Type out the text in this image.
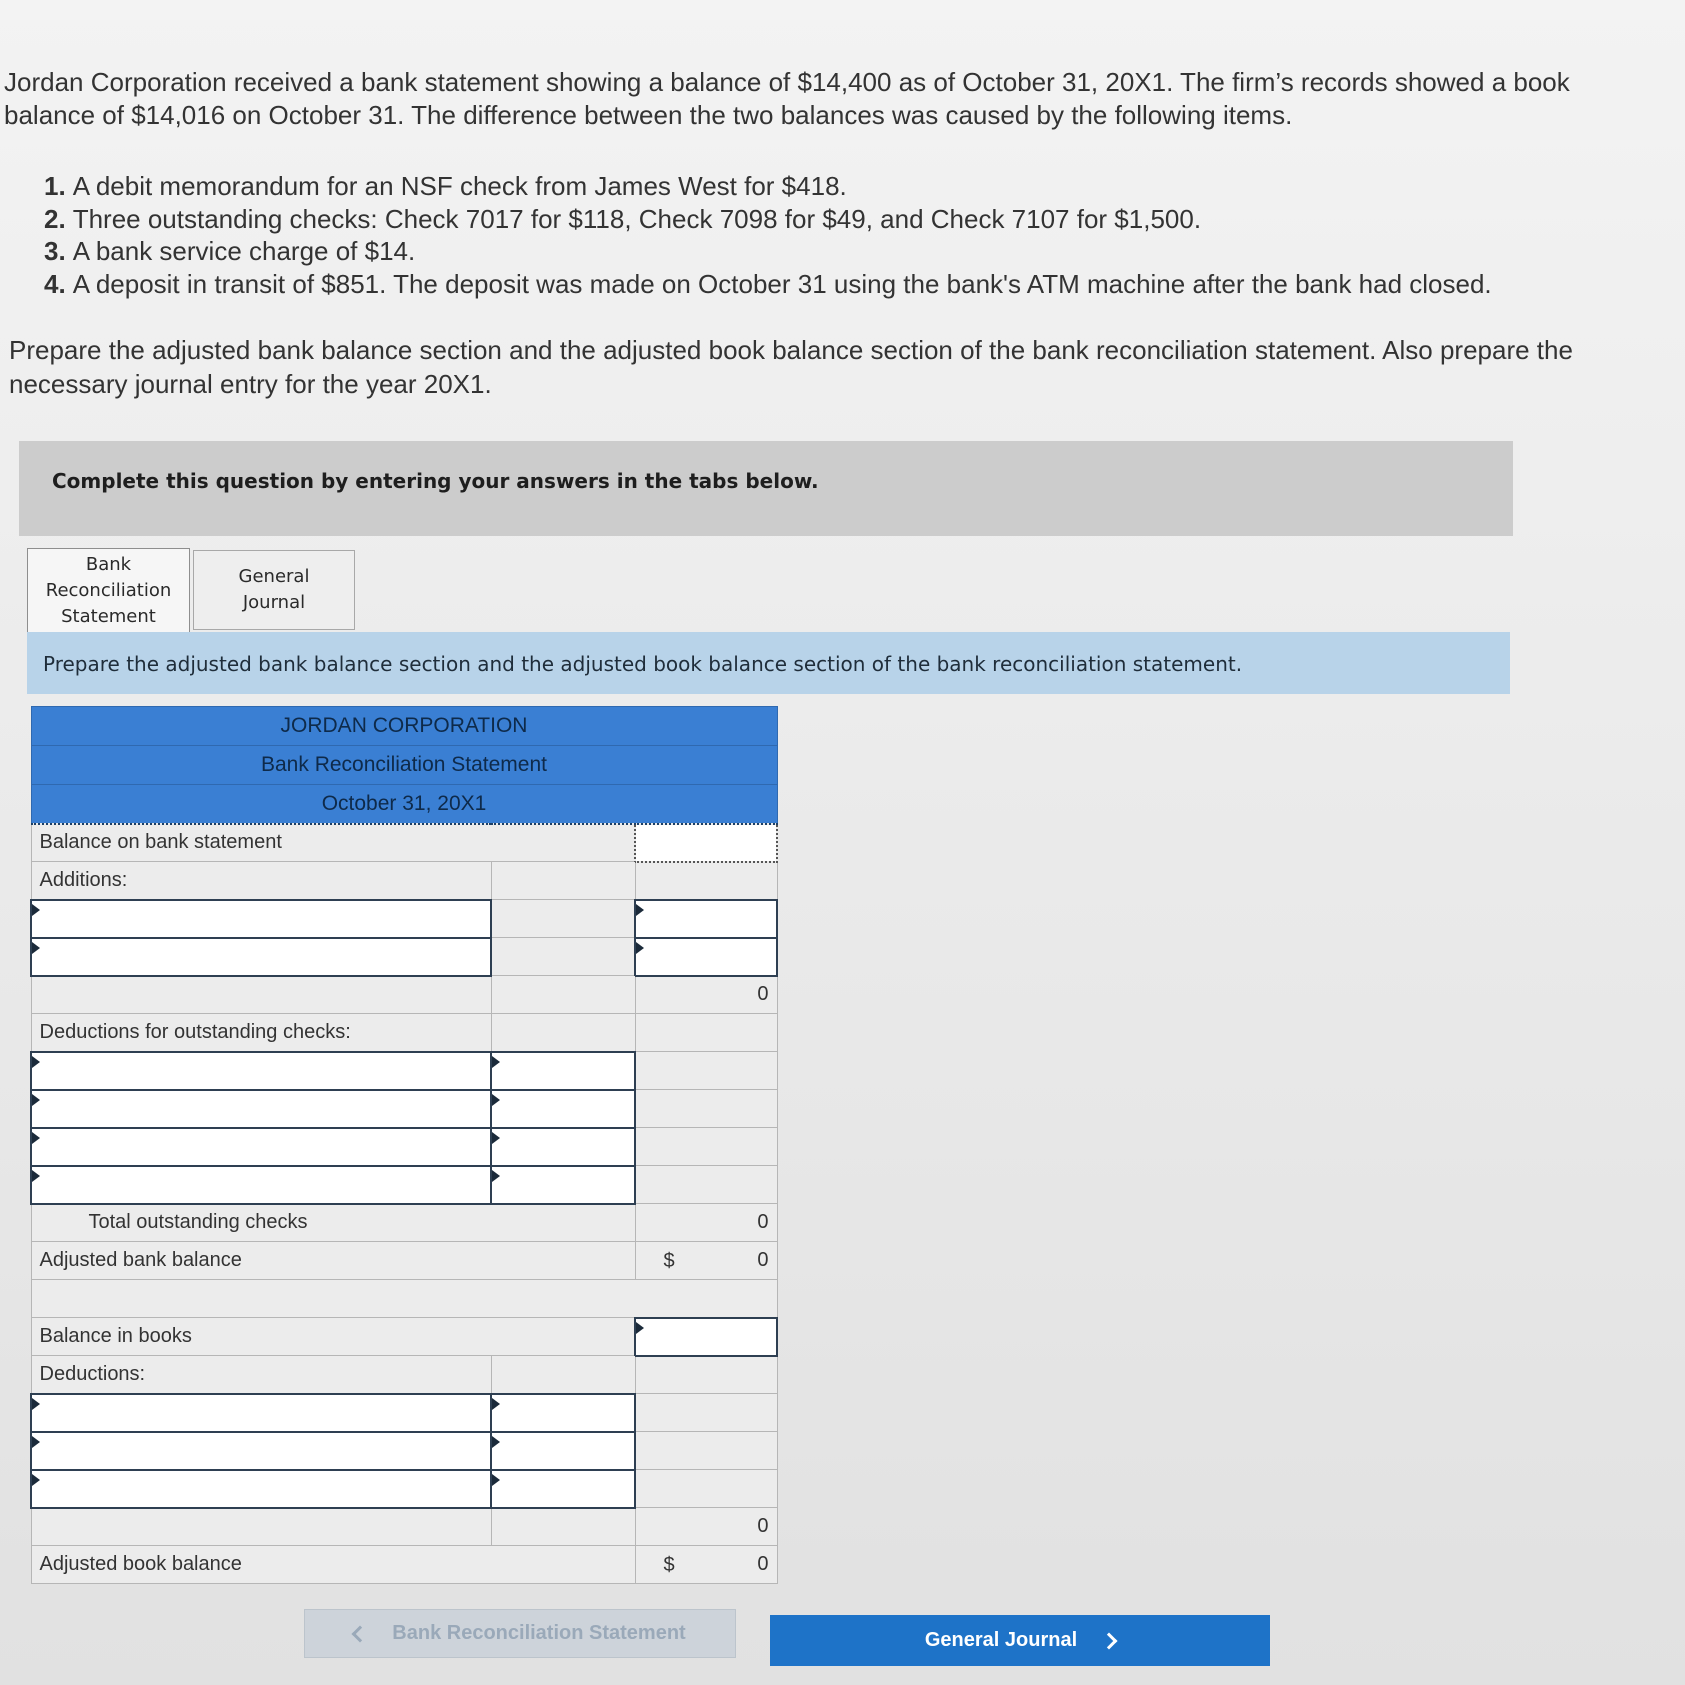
Jordan Corporation received a bank statement showing a balance of $14,400 as of October 31, 20X1. The firm’s records showed a book balance of $14,016 on October 31. The difference between the two balances was caused by the following items.

1. A debit memorandum for an NSF check from James West for $418.
2. Three outstanding checks: Check 7017 for $118, Check 7098 for $49, and Check 7107 for $1,500.
3. A bank service charge of $14.
4. A deposit in transit of $851. The deposit was made on October 31 using the bank's ATM machine after the bank had closed.

Prepare the adjusted bank balance section and the adjusted book balance section of the bank reconciliation statement. Also prepare the necessary journal entry for the year 20X1.

Complete this question by entering your answers in the tabs below.
Bank Reconciliation Statement
General Journal
Prepare the adjusted bank balance section and the adjusted book balance section of the bank reconciliation statement.
JORDAN CORPORATION		
Bank Reconciliation Statement		
October 31, 20X1		
Balance on bank statement	
Additions:		

		0
Deductions for outstanding checks:		

Total outstanding checks		0
Adjusted bank balance		$ 0

Balance in books	

Deductions:		

		0
Adjusted book balance		$ 0
Bank Reconciliation Statement	General Journal
